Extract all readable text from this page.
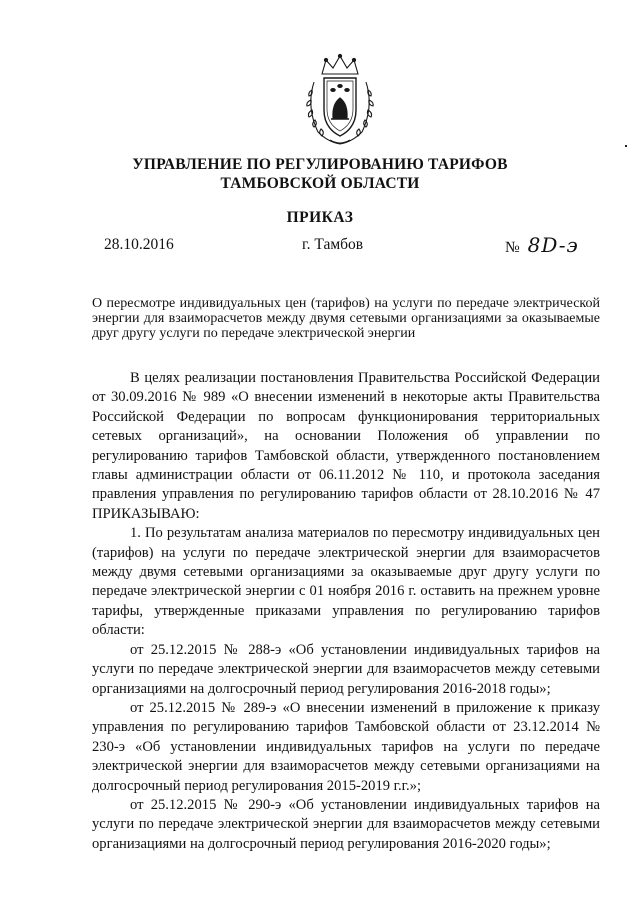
УПРАВЛЕНИЕ ПО РЕГУЛИРОВАНИЮ ТАРИФОВ
ТАМБОВСКОЙ ОБЛАСТИ
ПРИКАЗ
28.10.2016	г. Тамбов	№ 8D-э
О пересмотре индивидуальных цен (тарифов) на услуги по передаче электрической энергии для взаиморасчетов между двумя сетевыми организациями за оказываемые друг другу услуги по передаче электрической энергии

В целях реализации постановления Правительства Российской Федерации от 30.09.2016 № 989 «О внесении изменений в некоторые акты Правительства Российской Федерации по вопросам функционирования территориальных сетевых организаций», на основании Положения об управлении по регулированию тарифов Тамбовской области, утвержденного постановлением главы администрации области от 06.11.2012 № 110, и протокола заседания правления управления по регулированию тарифов области от 28.10.2016 № 47 ПРИКАЗЫВАЮ:

1. По результатам анализа материалов по пересмотру индивидуальных цен (тарифов) на услуги по передаче электрической энергии для взаиморасчетов между двумя сетевыми организациями за оказываемые друг другу услуги по передаче электрической энергии с 01 ноября 2016 г. оставить на прежнем уровне тарифы, утвержденные приказами управления по регулированию тарифов области:

от 25.12.2015 № 288-э «Об установлении индивидуальных тарифов на услуги по передаче электрической энергии для взаиморасчетов между сетевыми организациями на долгосрочный период регулирования 2016-2018 годы»;

от 25.12.2015 № 289-э «О внесении изменений в приложение к приказу управления по регулированию тарифов Тамбовской области от 23.12.2014 № 230-э «Об установлении индивидуальных тарифов на услуги по передаче электрической энергии для взаиморасчетов между сетевыми организациями на долгосрочный период регулирования 2015-2019 г.г.»;

от 25.12.2015 № 290-э «Об установлении индивидуальных тарифов на услуги по передаче электрической энергии для взаиморасчетов между сетевыми организациями на долгосрочный период регулирования 2016-2020 годы»;
